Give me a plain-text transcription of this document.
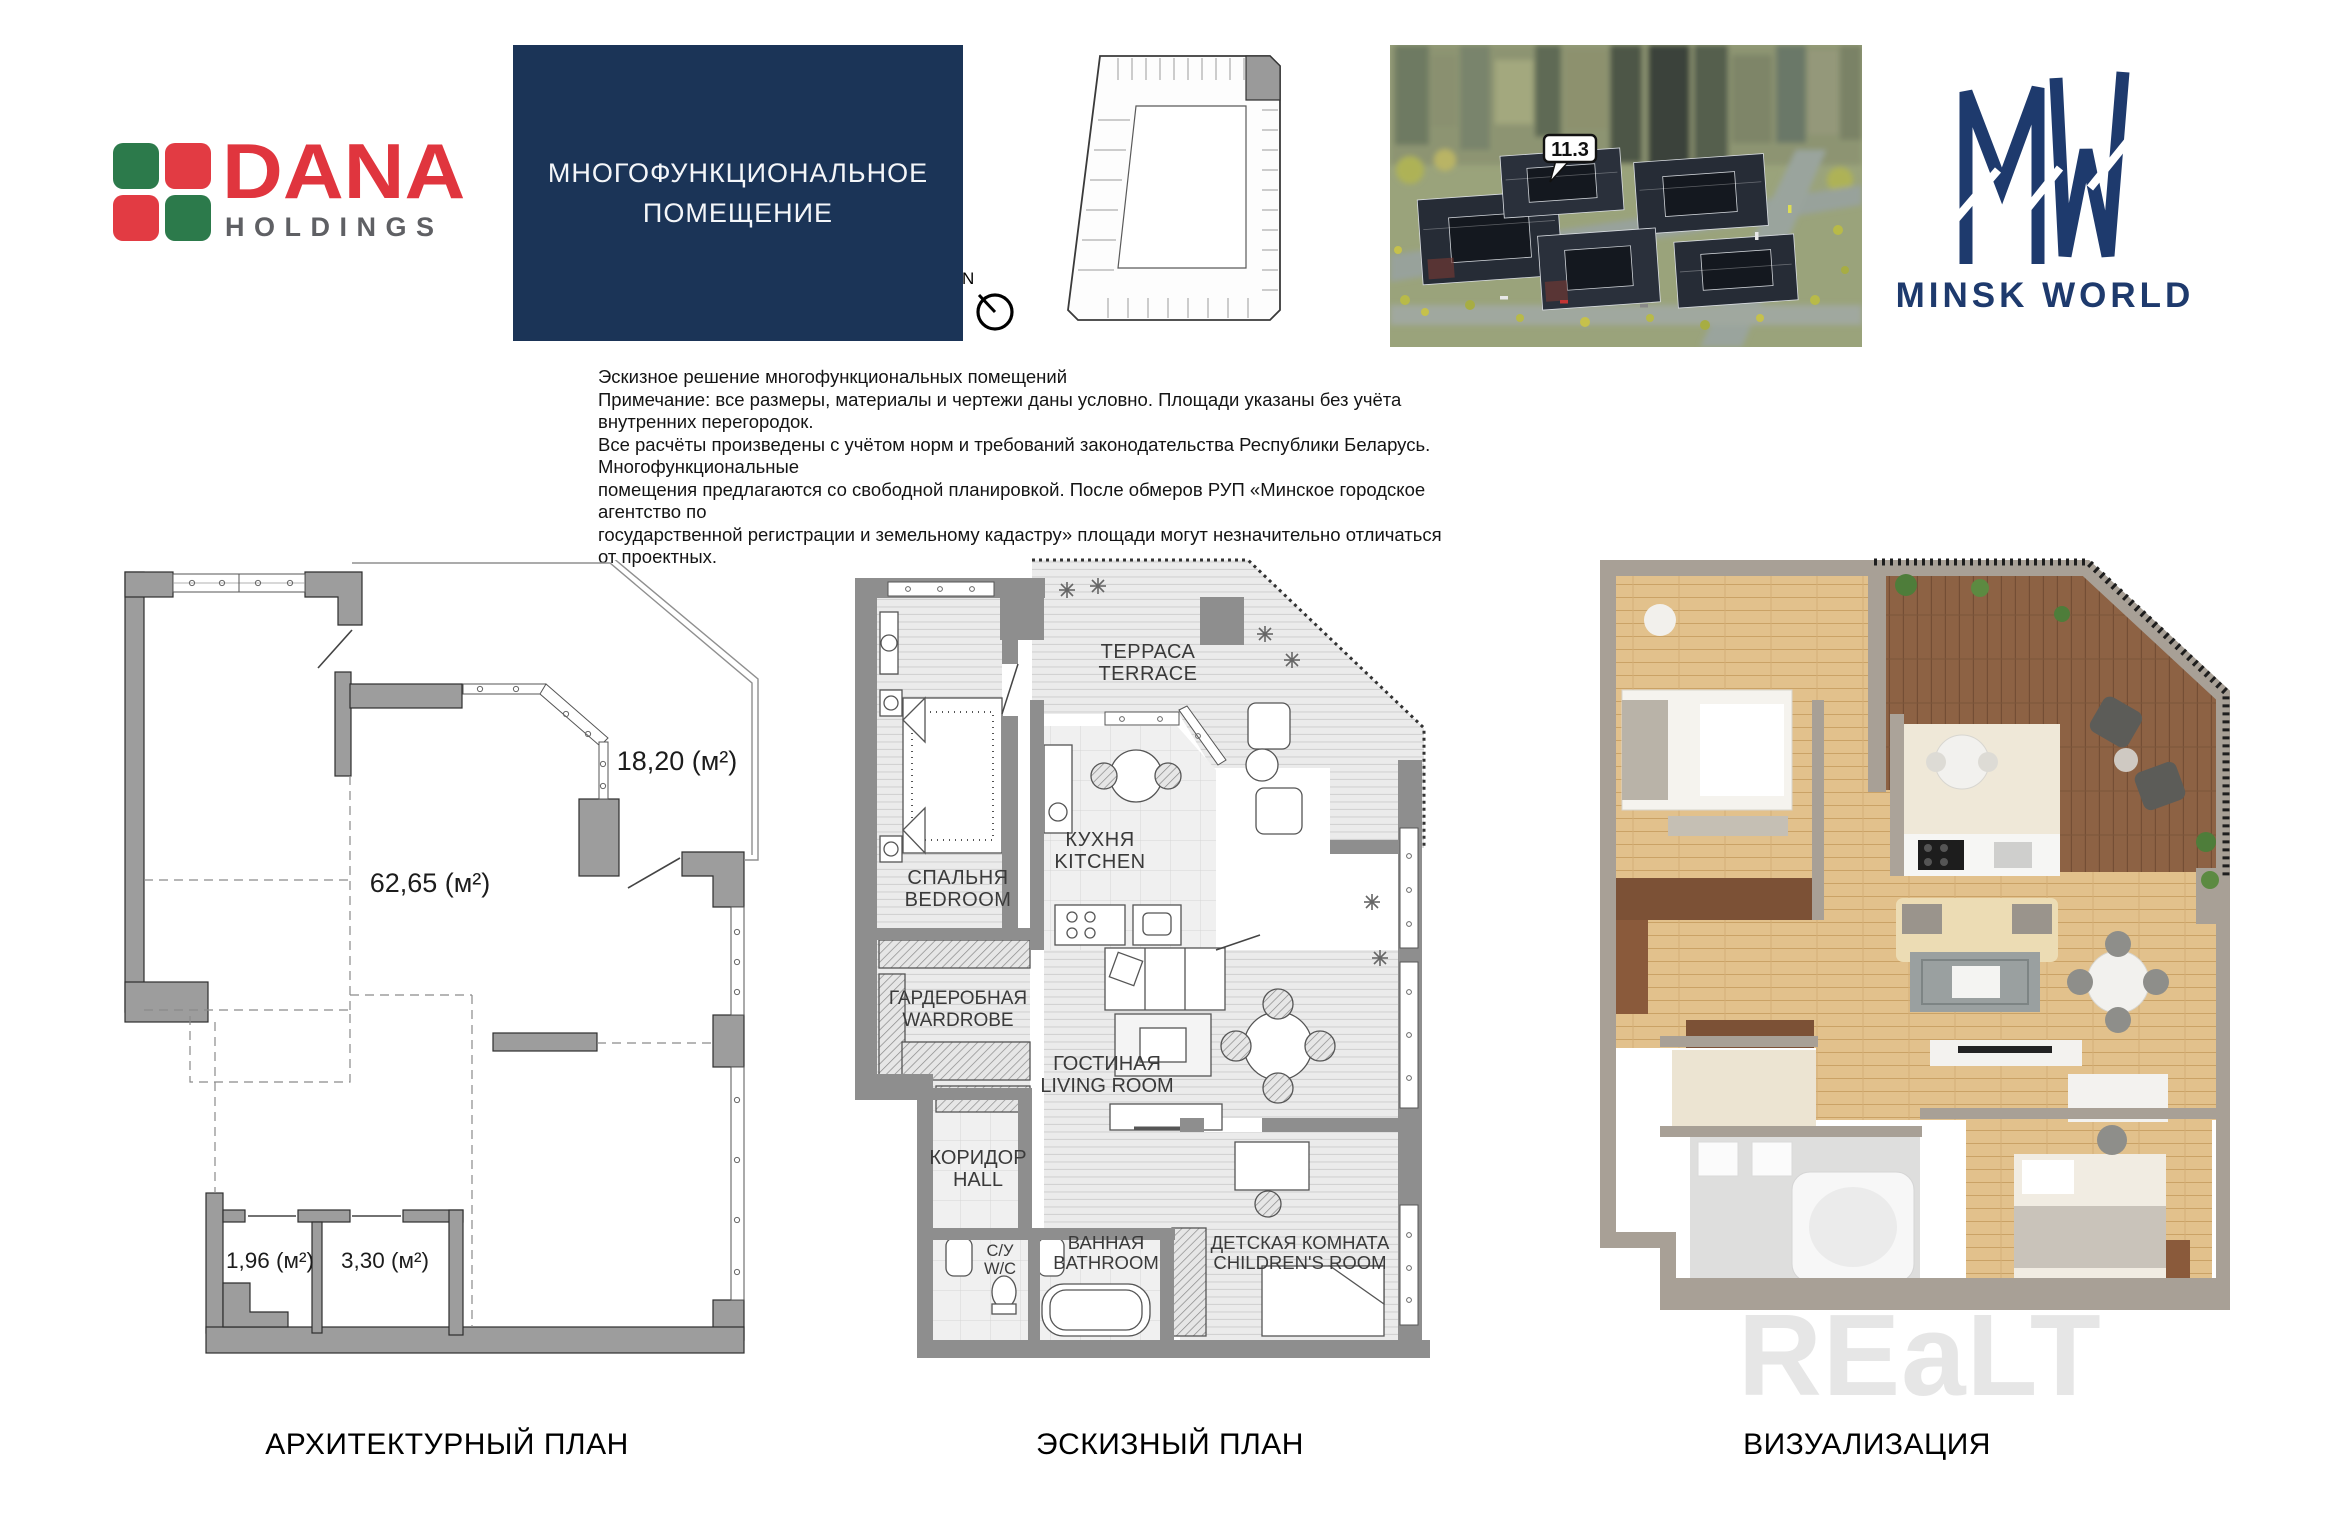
DANA
HOLDINGS
МНОГОФУНКЦИОНАЛЬНОЕ
ПОМЕЩЕНИЕ
N
11.3
MINSK WORLD
Эскизное решение многофункциональных помещений
Примечание: все размеры, материалы и чертежи даны условно. Площади указаны без учёта внутренних перегородок.
Все расчёты произведены с учётом норм и требований законодательства Республики Беларусь. Многофункциональные
помещения предлагаются со свободной планировкой. После обмеров РУП «Минское городское агентство по
государственной регистрации и земельному кадастру» площади могут незначительно отличаться от проектных.
62,65 (м²)
18,20 (м²)
1,96 (м²) 3,30 (м²)
ТЕРРАСА
TERRACE
СПАЛЬНЯ
BEDROOM
КУХНЯ
KITCHEN
ГАРДЕРОБНАЯ
WARDROBE
ГОСТИНАЯ
LIVING ROOM
КОРИДОР
HALL
С/У
W/C
ВАННАЯ
BATHROOM
ДЕТСКАЯ КОМНАТА
CHILDREN'S ROOM
REaLT
АРХИТЕКТУРНЫЙ ПЛАН	ЭСКИЗНЫЙ ПЛАН	ВИЗУАЛИЗАЦИЯ
